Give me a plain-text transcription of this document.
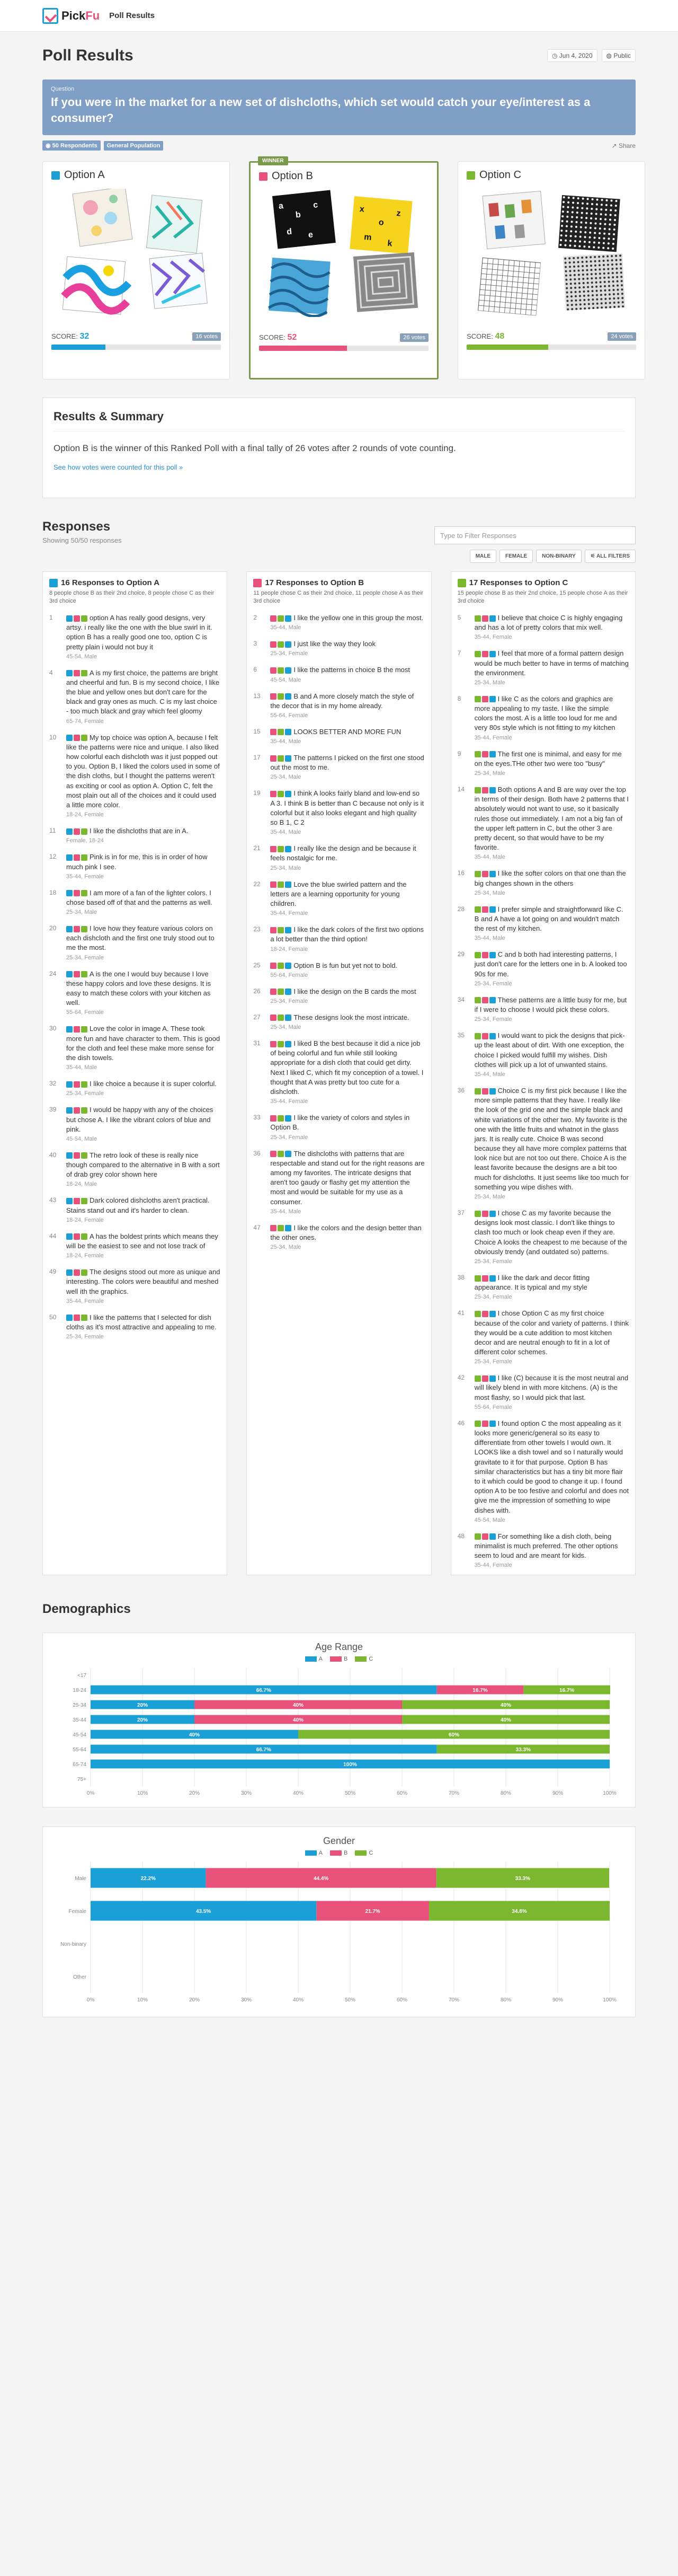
PickFu Poll Results
Poll Results	◷ Jun 4, 2020	◍ Public
Question
If you were in the market for a new set of dishcloths, which set would catch your eye/interest as a consumer?
◉ 50 Respondents	General Population	↗ Share
Option A
SCORE: 32	16 votes
WINNER
Option B
a
b
c
d e
x
o
z
m
k
SCORE: 52	26 votes
Option C
SCORE: 48	24 votes
Results & Summary

Option B is the winner of this Ranked Poll with a final tally of 26 votes after 2 rounds of vote counting.

See how votes were counted for this poll »
Responses
Showing 50/50 responses
Type to Filter Responses
MALE	FEMALE	NON-BINARY	⚟ ALL FILTERS
16 Responses to Option A
8 people chose B as their 2nd choice, 8 people chose C as their 3rd choice
1	option A has really good designs, very artsy. i really like the one with the blue swirl in it. option B has a really good one too, option C is pretty plain i would not buy it
45-54, Male
4	A is my first choice, the patterns are bright and cheerful and fun. B is my second choice, I like the blue and yellow ones but don't care for the black and gray ones as much. C is my last choice - too much black and gray which feel gloomy
65-74, Female
10	My top choice was option A, because I felt like the patterns were nice and unique. I also liked how colorful each dishcloth was it just popped out to you. Option B, I liked the colors used in some of the dish cloths, but I thought the patterns weren't as exciting or cool as option A. Option C, felt the most plain out all of the choices and it could used a little more color.
18-24, Female
11	I like the dishcloths that are in A.
Female, 18-24
12	Pink is in for me, this is in order of how much pink I see.
35-44, Female
18	I am more of a fan of the lighter colors. I chose based off of that and the patterns as well.
25-34, Male
20	I love how they feature various colors on each dishcloth and the first one truly stood out to me the most.
25-34, Female
24	A is the one I would buy because I love these happy colors and love these designs. It is easy to match these colors with your kitchen as well.
55-64, Female
30	Love the color in image A. These took more fun and have character to them. This is good for the cloth and feel these make more sense for the dish towels.
35-44, Male
32	I like choice a because it is super colorful.
25-34, Female
39	I would be happy with any of the choices but chose A. I like the vibrant colors of blue and pink.
45-54, Male
40	The retro look of these is really nice though compared to the alternative in B with a sort of drab grey color shown here
18-24, Male
43	Dark colored dishcloths aren't practical. Stains stand out and it's harder to clean.
18-24, Female
44	A has the boldest prints which means they will be the easiest to see and not lose track of
18-24, Female
49	The designs stood out more as unique and interesting. The colors were beautiful and meshed well ith the graphics.
35-44, Female
50	I like the patterns that I selected for dish cloths as it's most attractive and appealing to me.
25-34, Female
17 Responses to Option B
11 people chose C as their 2nd choice, 11 people chose A as their 3rd choice
2	I like the yellow one in this group the most.
35-44, Male
3	I just like the way they look
25-34, Female
6	I like the patterns in choice B the most
45-54, Male
13	B and A more closely match the style of the decor that is in my home already.
55-64, Female
15	LOOKS BETTER AND MORE FUN
35-44, Male
17	The patterns I picked on the first one stood out the most to me.
25-34, Male
19	I think A looks fairly bland and low-end so A 3. I think B is better than C because not only is it colorful but it also looks elegant and high quality so B 1, C 2
35-44, Male
21	I really like the design and be because it feels nostalgic for me.
25-34, Male
22	Love the blue swirled pattern and the letters are a learning opportunity for young children.
35-44, Female
23	I like the dark colors of the first two options a lot better than the third option!
18-24, Female
25	Option B is fun but yet not to bold.
55-64, Female
26	I like the design on the B cards the most
25-34, Female
27	These designs look the most intricate.
25-34, Male
31	I liked B the best because it did a nice job of being colorful and fun while still looking appropriate for a dish cloth that could get dirty. Next I liked C, which fit my conception of a towel. I thought that A was pretty but too cute for a dishcloth.
35-44, Female
33	I like the variety of colors and styles in Option B.
25-34, Female
36	The dishcloths with patterns that are respectable and stand out for the right reasons are among my favorites. The intricate designs that aren't too gaudy or flashy get my attention the most and would be suitable for my use as a consumer.
35-44, Male
47	I like the colors and the design better than the other ones.
25-34, Male
17 Responses to Option C
15 people chose B as their 2nd choice, 15 people chose A as their 3rd choice
5	I believe that choice C is highly engaging and has a lot of pretty colors that mix well.
35-44, Female
7	I feel that more of a formal pattern design would be much better to have in terms of matching the environment.
25-34, Male
8	I like C as the colors and graphics are more appealing to my taste. I like the simple colors the most. A is a little too loud for me and very 80s style which is not fitting to my kitchen
35-44, Female
9	The first one is minimal, and easy for me on the eyes.THe other two were too "busy"
25-34, Male
14	Both options A and B are way over the top in terms of their design. Both have 2 patterns that I absolutely would not want to use, so it basically rules those out immediately. I am not a big fan of the upper left pattern in C, but the other 3 are pretty decent, so that would have to be my favorite.
35-44, Male
16	I like the softer colors on that one than the big changes shown in the others
25-34, Male
28	I prefer simple and straightforward like C. B and A have a lot going on and wouldn't match the rest of my kitchen.
35-44, Male
29	C and b both had interesting patterns, I just don't care for the letters one in b. A looked too 90s for me.
25-34, Female
34	These patterns are a little busy for me, but if I were to choose I would pick these colors.
25-34, Female
35	I would want to pick the designs that pick-up the least about of dirt. With one exception, the choice I picked would fulfill my wishes. Dish clothes will pick up a lot of unwanted stains.
35-44, Male
36	Choice C is my first pick because I like the more simple patterns that they have. I really like the look of the grid one and the simple black and white variations of the other two. My favorite is the one with the little fruits and whatnot in the glass jars. It is really cute. Choice B was second because they all have more complex patterns that look nice but are not too out there. Choice A is the least favorite because the designs are a bit too much for dishcloths. It just seems like too much for something you wipe dishes with.
25-34, Male
37	I chose C as my favorite because the designs look most classic. I don't like things to clash too much or look cheap even if they are. Choice A looks the cheapest to me because of the obviously trendy (and outdated so) patterns.
25-34, Female
38	I like the dark and decor fitting appearance. It is typical and my style
25-34, Female
41	I chose Option C as my first choice because of the color and variety of patterns. I think they would be a cute addition to most kitchen decor and are neutral enough to fit in a lot of different color schemes.
25-34, Female
42	I like (C) because it is the most neutral and will likely blend in with more kitchens. (A) is the most flashy, so I would pick that last.
55-64, Female
46	I found option C the most appealing as it looks more generic/general so its easy to differentiate from other towels I would own. It LOOKS like a dish towel and so I naturally would gravitate to it for that purpose. Option B has similar characteristics but has a tiny bit more flair to it which could be good to change it up. I found option A to be too festive and colorful and does not give me the impression of something to wipe dishes with.
45-54, Male
48	For something like a dish cloth, being minimalist is much preferred. The other options seem to loud and are meant for kids.
35-44, Female
Demographics
Age Range
A	B	C
0%	10%	20%	30%	40%	50%	60%	70%	80%	90%	100%
<17
18-24	66.7%	16.7%	16.7%
25-34	20%	40%	40%
35-44	20%	40%	40%
45-54	40%	60%
55-64	66.7%	33.3%
65-74	100%
75+
Gender
A	B	C
0%	10%	20%	30%	40%	50%	60%	70%	80%	90%	100%
Male	22.2%	44.4%	33.3%
Female	43.5%	21.7%	34.8%
Non-binary
Other
